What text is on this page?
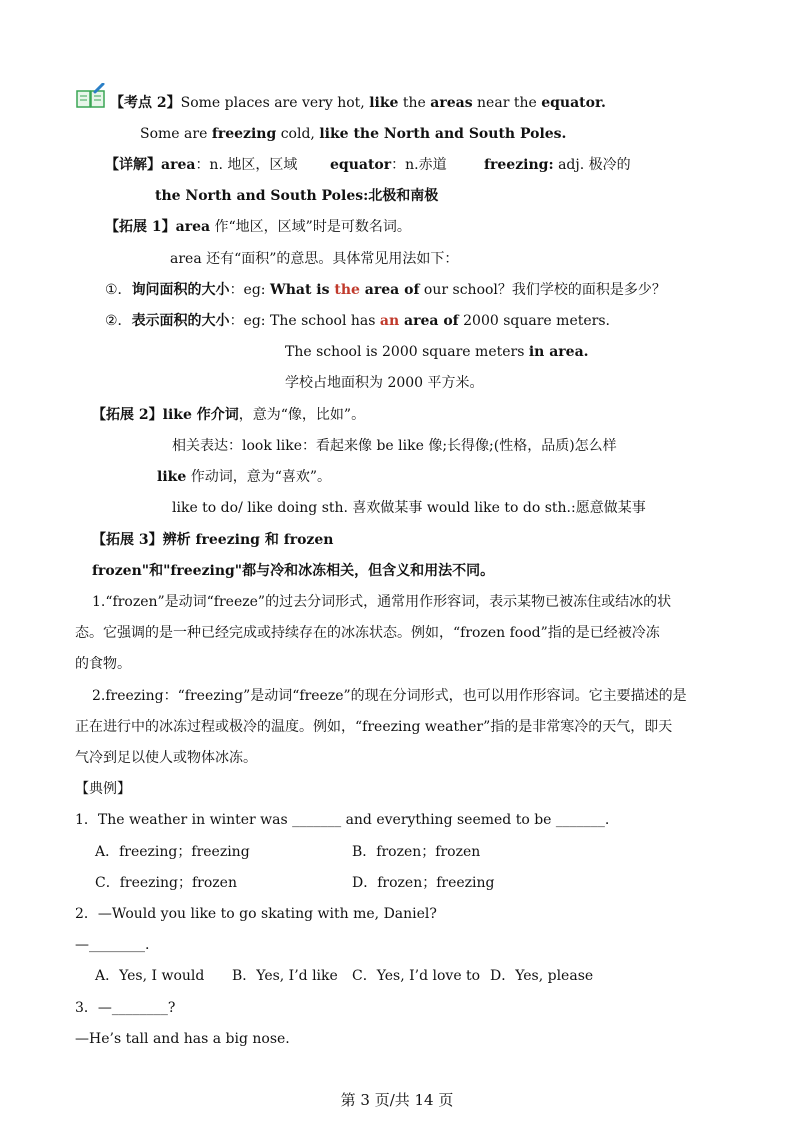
【考点 2】Some places are very hot, like the areas near the equator.
Some are freezing cold, like the North and South Poles.
【详解】area：n. 地区，区域 equator：n.赤道	freezing: adj. 极冷的
the North and South Poles:北极和南极
【拓展 1】area 作“地区，区域”时是可数名词。
area 还有“面积”的意思。具体常见用法如下：
①．询问面积的大小：eg: What is the area of our school？我们学校的面积是多少？
②．表示面积的大小：eg: The school has an area of 2000 square meters.
The school is 2000 square meters in area.
学校占地面积为 2000 平方米。
【拓展 2】like 作介词，意为“像，比如”。
相关表达：look like：看起来像 be like 像;长得像;(性格，品质)怎么样
like 作动词，意为“喜欢”。
like to do/ like doing sth. 喜欢做某事 would like to do sth.:愿意做某事
【拓展 3】辨析 freezing 和 frozen
frozen"和"freezing"都与冷和冰冻相关，但含义和用法不同。
1.“frozen”是动词“freeze”的过去分词形式，通常用作形容词，表示某物已被冻住或结冰的状
态。它强调的是一种已经完成或持续存在的冰冻状态。例如，“frozen food”指的是已经被冷冻
的食物。
2.freezing：“freezing”是动词“freeze”的现在分词形式，也可以用作形容词。它主要描述的是
正在进行中的冰冻过程或极冷的温度。例如，“freezing weather”指的是非常寒冷的天气，即天
气冷到足以使人或物体冰冻。
【典例】
1．The weather in winter was _______ and everything seemed to be _______.
A．freezing；freezing	B．frozen；frozen
C．freezing；frozen	D．frozen；freezing
2．—Would you like to go skating with me, Daniel?
—________.
A．Yes, I would B．Yes, I’d like C．Yes, I’d love to D．Yes, please
3．—________?
—He’s tall and has a big nose.
第 3 页/共 14 页
